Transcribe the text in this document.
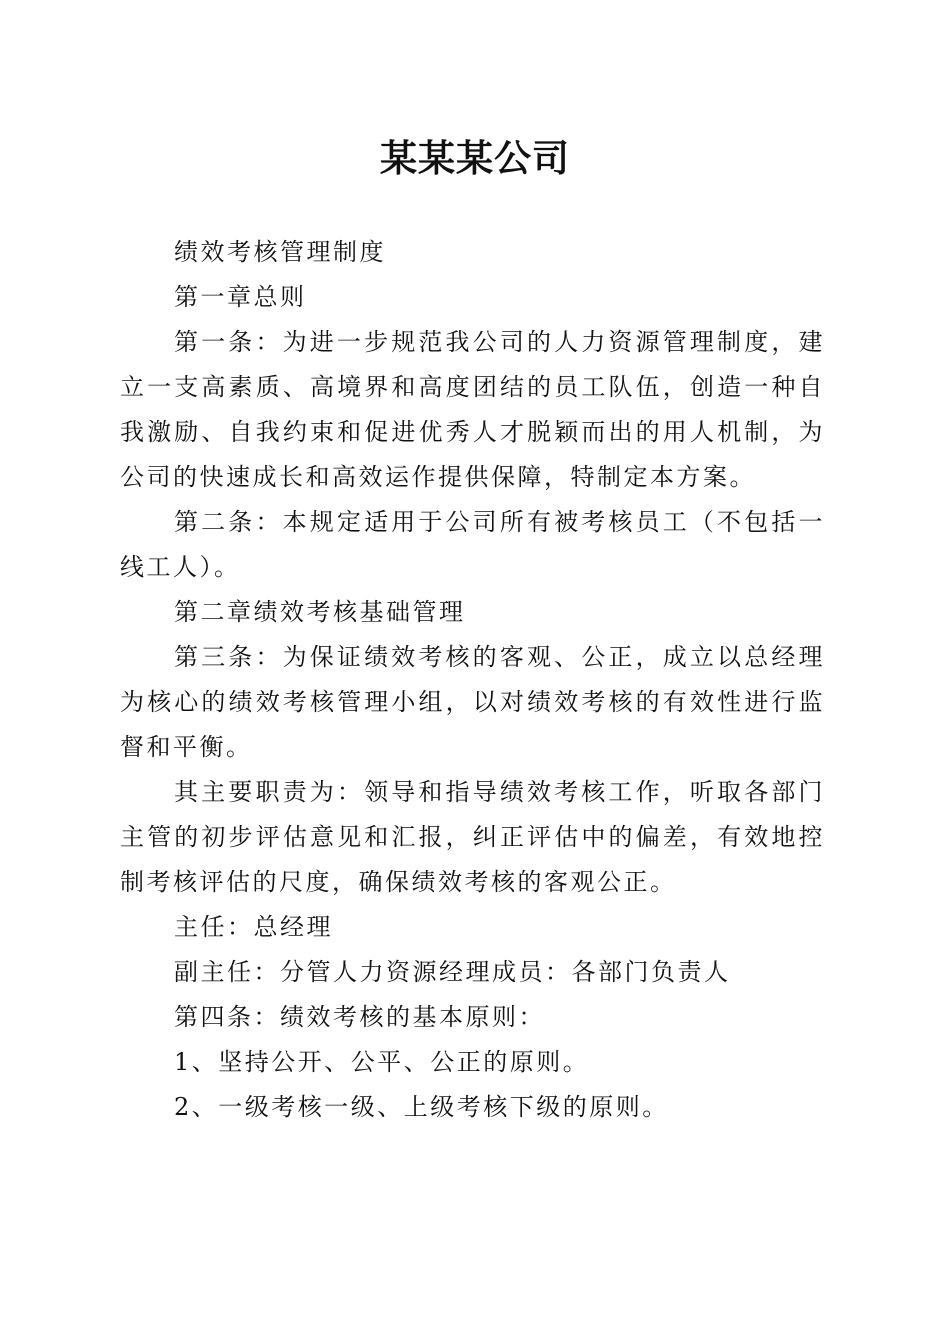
某某某公司

绩效考核管理制度

第一章总则

第一条：为进一步规范我公司的人力资源管理制度，建立一支高素质、高境界和高度团结的员工队伍，创造一种自我激励、自我约束和促进优秀人才脱颖而出的用人机制，为公司的快速成长和高效运作提供保障，特制定本方案。

第二条：本规定适用于公司所有被考核员工（不包括一线工人）。

第二章绩效考核基础管理

第三条：为保证绩效考核的客观、公正，成立以总经理为核心的绩效考核管理小组，以对绩效考核的有效性进行监督和平衡。

其主要职责为：领导和指导绩效考核工作，听取各部门主管的初步评估意见和汇报，纠正评估中的偏差，有效地控制考核评估的尺度，确保绩效考核的客观公正。

主任：总经理

副主任：分管人力资源经理成员：各部门负责人

第四条：绩效考核的基本原则：

1、坚持公开、公平、公正的原则。

2、一级考核一级、上级考核下级的原则。
